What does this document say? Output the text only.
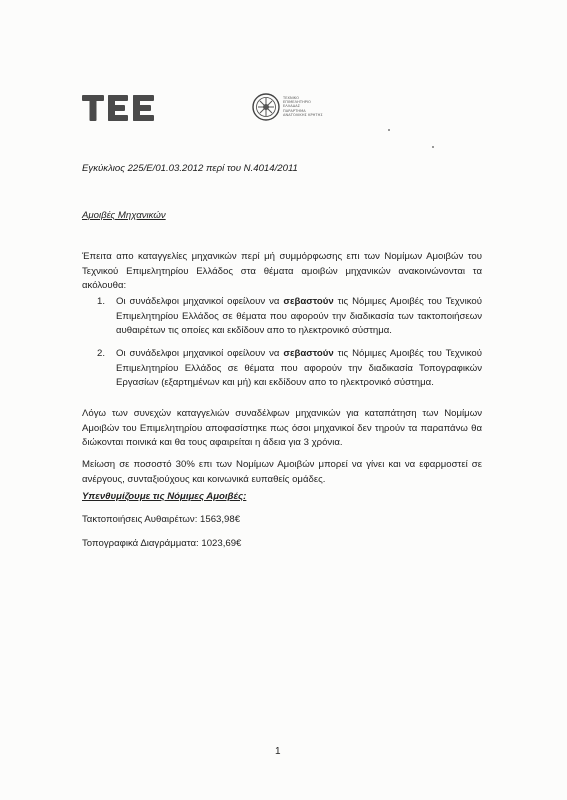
TEE
ΤΕΧΝΙΚΟ ΕΠΙΜΕΛΗΤΗΡΙΟ ΕΛΛΑΔΑΣ ΠΑΡΑΡΤΗΜΑ ΑΝΑΤΟΛΙΚΗΣ ΚΡΗΤΗΣ
Εγκύκλιος 225/Ε/01.03.2012 περί του Ν.4014/2011
Αμοιβές Μηχανικών
Έπειτα απο καταγγελίες μηχανικών περί μή συμμόρφωσης επι των Νομίμων Αμοιβών του Τεχνικού Επιμελητηρίου Ελλάδος στα θέματα αμοιβών μηχανικών ανακοινώνονται τα ακόλουθα:
1.	Οι συνάδελφοι μηχανικοί οφείλουν να σεβαστούν τις Νόμιμες Αμοιβές του Τεχνικού Επιμελητηρίου Ελλάδος σε θέματα που αφορούν την διαδικασία των τακτοποιήσεων αυθαιρέτων τις οποίες και εκδίδουν απο το ηλεκτρονικό σύστημα.
2.	Οι συνάδελφοι μηχανικοί οφείλουν να σεβαστούν τις Νόμιμες Αμοιβές του Τεχνικού Επιμελητηρίου Ελλάδος σε θέματα που αφορούν την διαδικασία Τοπογραφικών Εργασίων (εξαρτημένων και μή) και εκδίδουν απο το ηλεκτρονικό σύστημα.
Λόγω των συνεχών καταγγελιών συναδέλφων μηχανικών για καταπάτηση των Νομίμων Αμοιβών του Επιμελητηρίου αποφασίστηκε πως όσοι μηχανικοί δεν τηρούν τα παραπάνω θα διώκονται ποινικά και θα τους αφαιρείται η άδεια για 3 χρόνια.
Μείωση σε ποσοστό 30% επι των Νομίμων Αμοιβών μπορεί να γίνει και να εφαρμοστεί σε ανέργους, συνταξιούχους και κοινωνικά ευπαθείς ομάδες.
Υπενθυμίζουμε τις Νόμιμες Αμοιβές:
Τακτοποιήσεις Αυθαιρέτων: 1563,98€
Τοπογραφικά Διαγράμματα: 1023,69€
1
